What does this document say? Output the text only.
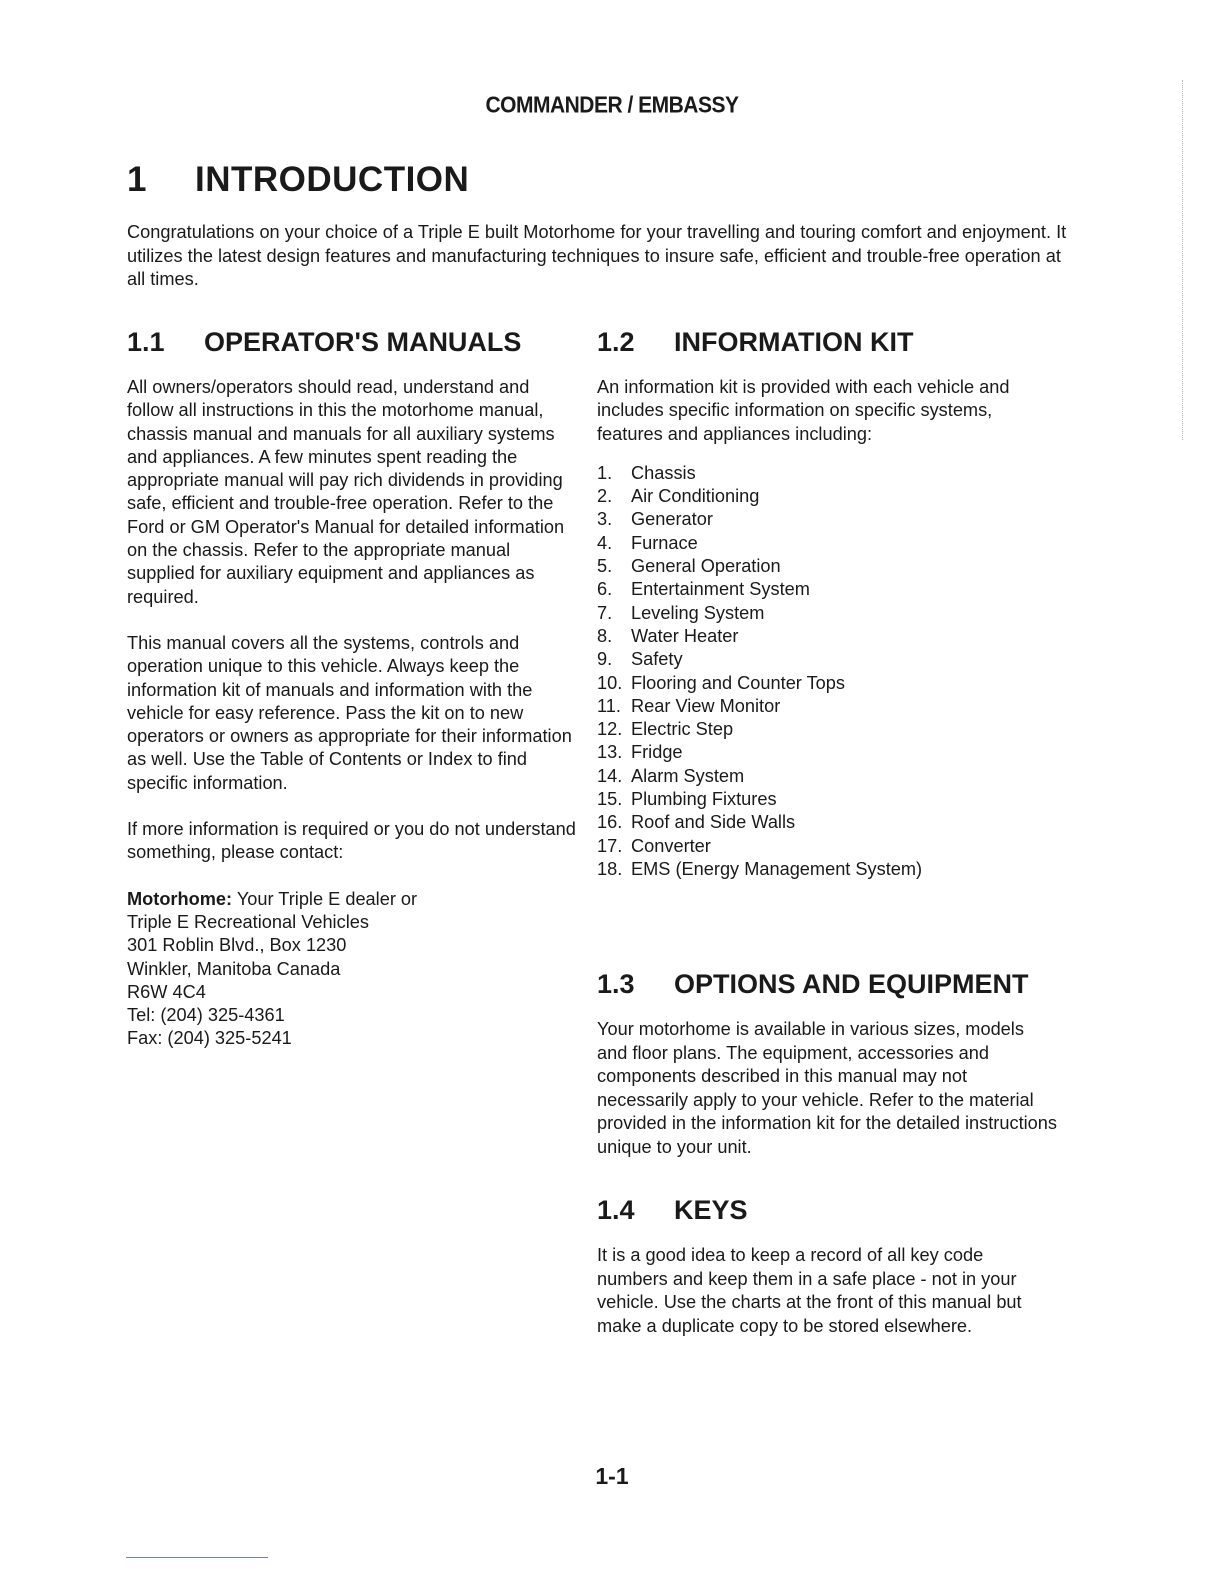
COMMANDER / EMBASSY
1 INTRODUCTION
Congratulations on your choice of a Triple E built Motorhome for your travelling and touring comfort and enjoyment. It utilizes the latest design features and manufacturing techniques to insure safe, efficient and trouble-free operation at all times.
1.1 OPERATOR'S MANUALS

All owners/operators should read, understand and follow all instructions in this the motorhome manual, chassis manual and manuals for all auxiliary systems and appliances. A few minutes spent reading the appropriate manual will pay rich dividends in providing safe, efficient and trouble-free operation. Refer to the Ford or GM Operator's Manual for detailed information on the chassis. Refer to the appropriate manual supplied for auxiliary equipment and appliances as required.

This manual covers all the systems, controls and operation unique to this vehicle. Always keep the information kit of manuals and information with the vehicle for easy reference. Pass the kit on to new operators or owners as appropriate for their information as well. Use the Table of Contents or Index to find specific information.

If more information is required or you do not understand something, please contact:

Motorhome: Your Triple E dealer or
Triple E Recreational Vehicles
301 Roblin Blvd., Box 1230
Winkler, Manitoba Canada
R6W 4C4
Tel: (204) 325-4361
Fax: (204) 325-5241
1.2 INFORMATION KIT

An information kit is provided with each vehicle and includes specific information on specific systems, features and appliances including:

1.	Chassis
2.	Air Conditioning
3.	Generator
4.	Furnace
5.	General Operation
6.	Entertainment System
7.	Leveling System
8.	Water Heater
9.	Safety
10. Flooring and Counter Tops
11. Rear View Monitor
12. Electric Step
13. Fridge
14. Alarm System
15. Plumbing Fixtures
16. Roof and Side Walls
17. Converter
18. EMS (Energy Management System)
1.3 OPTIONS AND EQUIPMENT

Your motorhome is available in various sizes, models and floor plans. The equipment, accessories and components described in this manual may not necessarily apply to your vehicle. Refer to the material provided in the information kit for the detailed instructions unique to your unit.

1.4 KEYS

It is a good idea to keep a record of all key code numbers and keep them in a safe place - not in your vehicle. Use the charts at the front of this manual but make a duplicate copy to be stored elsewhere.

1-1
